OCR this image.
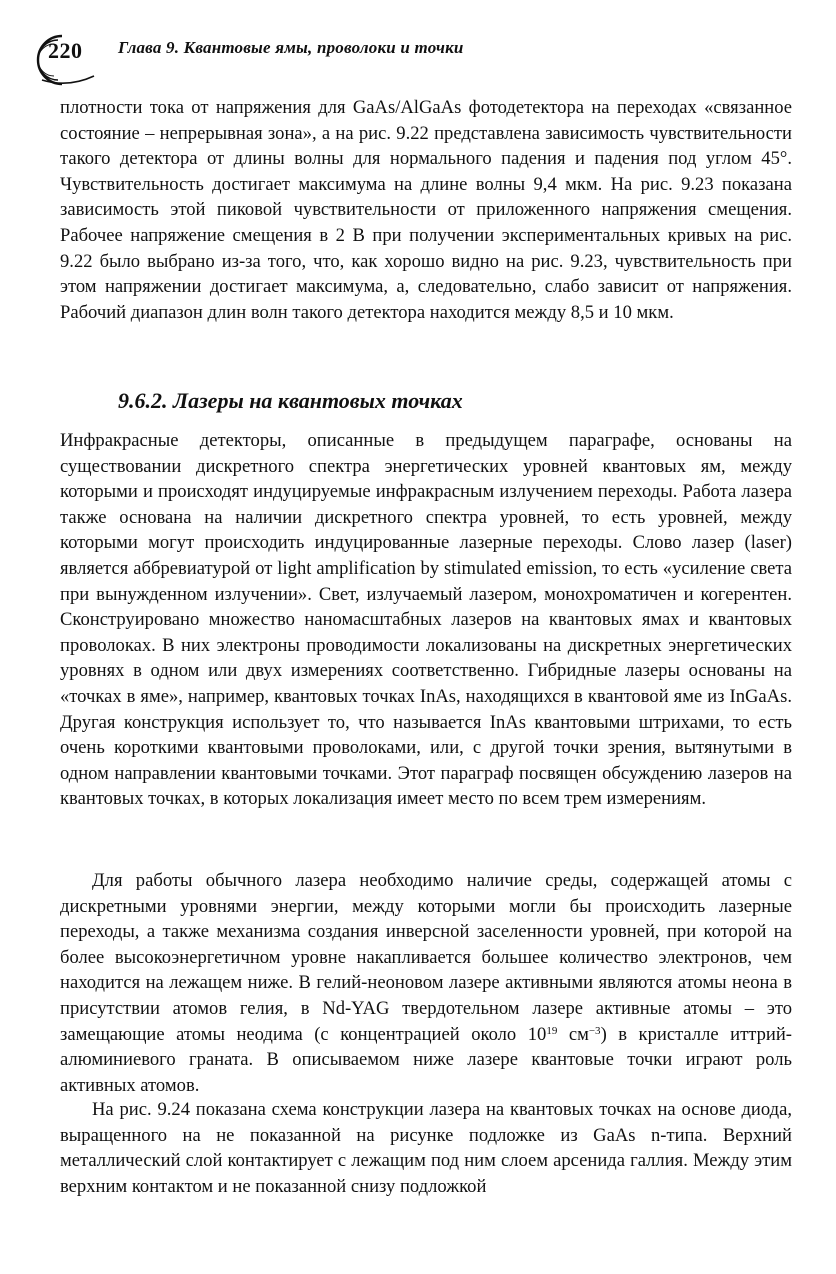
220 Глава 9. Квантовые ямы, проволоки и точки
плотности тока от напряжения для GaAs/AlGaAs фотодетектора на переходах «связанное состояние – непрерывная зона», а на рис. 9.22 представлена зависимость чувствительности такого детектора от длины волны для нормального падения и падения под углом 45°. Чувствительность достигает максимума на длине волны 9,4 мкм. На рис. 9.23 показана зависимость этой пиковой чувствительности от приложенного напряжения смещения. Рабочее напряжение смещения в 2 В при получении экспериментальных кривых на рис. 9.22 было выбрано из-за того, что, как хорошо видно на рис. 9.23, чувствительность при этом напряжении достигает максимума, а, следовательно, слабо зависит от напряжения. Рабочий диапазон длин волн такого детектора находится между 8,5 и 10 мкм.
9.6.2. Лазеры на квантовых точках
Инфракрасные детекторы, описанные в предыдущем параграфе, основаны на существовании дискретного спектра энергетических уровней квантовых ям, между которыми и происходят индуцируемые инфракрасным излучением переходы. Работа лазера также основана на наличии дискретного спектра уровней, то есть уровней, между которыми могут происходить индуцированные лазерные переходы. Слово лазер (laser) является аббревиатурой от light amplification by stimulated emission, то есть «усиление света при вынужденном излучении». Свет, излучаемый лазером, монохроматичен и когерентен. Сконструировано множество наномасштабных лазеров на квантовых ямах и квантовых проволоках. В них электроны проводимости локализованы на дискретных энергетических уровнях в одном или двух измерениях соответственно. Гибридные лазеры основаны на «точках в яме», например, квантовых точках InAs, находящихся в квантовой яме из InGaAs. Другая конструкция использует то, что называется InAs квантовыми штрихами, то есть очень короткими квантовыми проволоками, или, с другой точки зрения, вытянутыми в одном направлении квантовыми точками. Этот параграф посвящен обсуждению лазеров на квантовых точках, в которых локализация имеет место по всем трем измерениям.
Для работы обычного лазера необходимо наличие среды, содержащей атомы с дискретными уровнями энергии, между которыми могли бы происходить лазерные переходы, а также механизма создания инверсной заселенности уровней, при которой на более высокоэнергетичном уровне накапливается большее количество электронов, чем находится на лежащем ниже. В гелий-неоновом лазере активными являются атомы неона в присутствии атомов гелия, в Nd-YAG твердотельном лазере активные атомы – это замещающие атомы неодима (с концентрацией около $10^{19}$ $см^{-3}$) в кристалле иттрий-алюминиевого граната. В описываемом ниже лазере квантовые точки играют роль активных атомов.
На рис. 9.24 показана схема конструкции лазера на квантовых точках на основе диода, выращенного на не показанной на рисунке подложке из GaAs n-типа. Верхний металлический слой контактирует с лежащим под ним слоем арсенида галлия. Между этим верхним контактом и не показанной снизу подложкой
